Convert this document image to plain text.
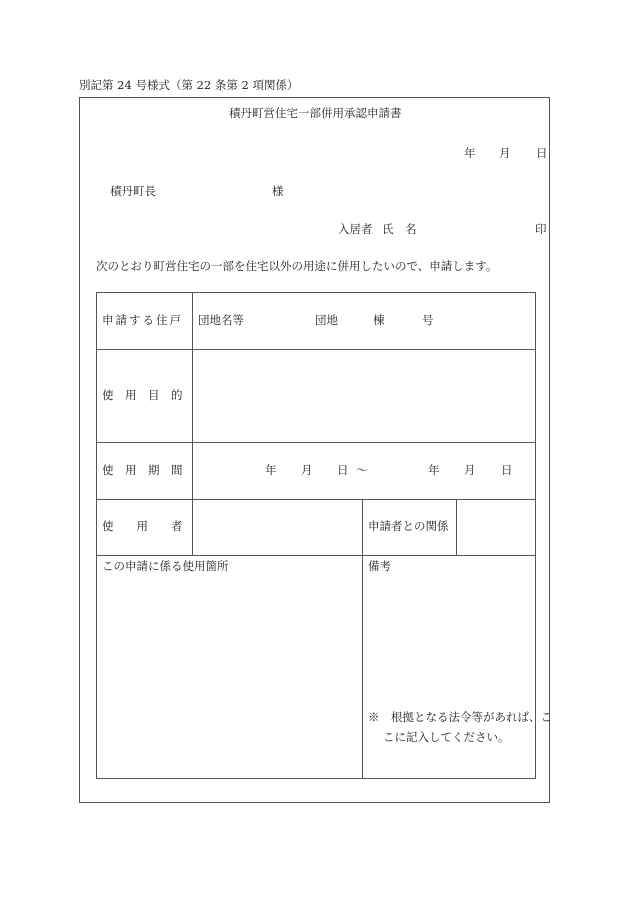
別記第 24 号様式（第 22 条第 2 項関係）
積丹町営住宅一部併用承認申請書
年 月 日
積丹町長	様
入居者 氏　名	印
次のとおり町営住宅の一部を住宅以外の用途に併用したいので、申請します。
申請する住戸 団地名等	団地	棟	号
使　用　目　的
使　用　期　間	年 月 日 ～	年 月 日
使　　用　　者	申請者との関係
この申請に係る使用箇所	備考
※　根拠となる法令等があれば、ここに記入してください。
